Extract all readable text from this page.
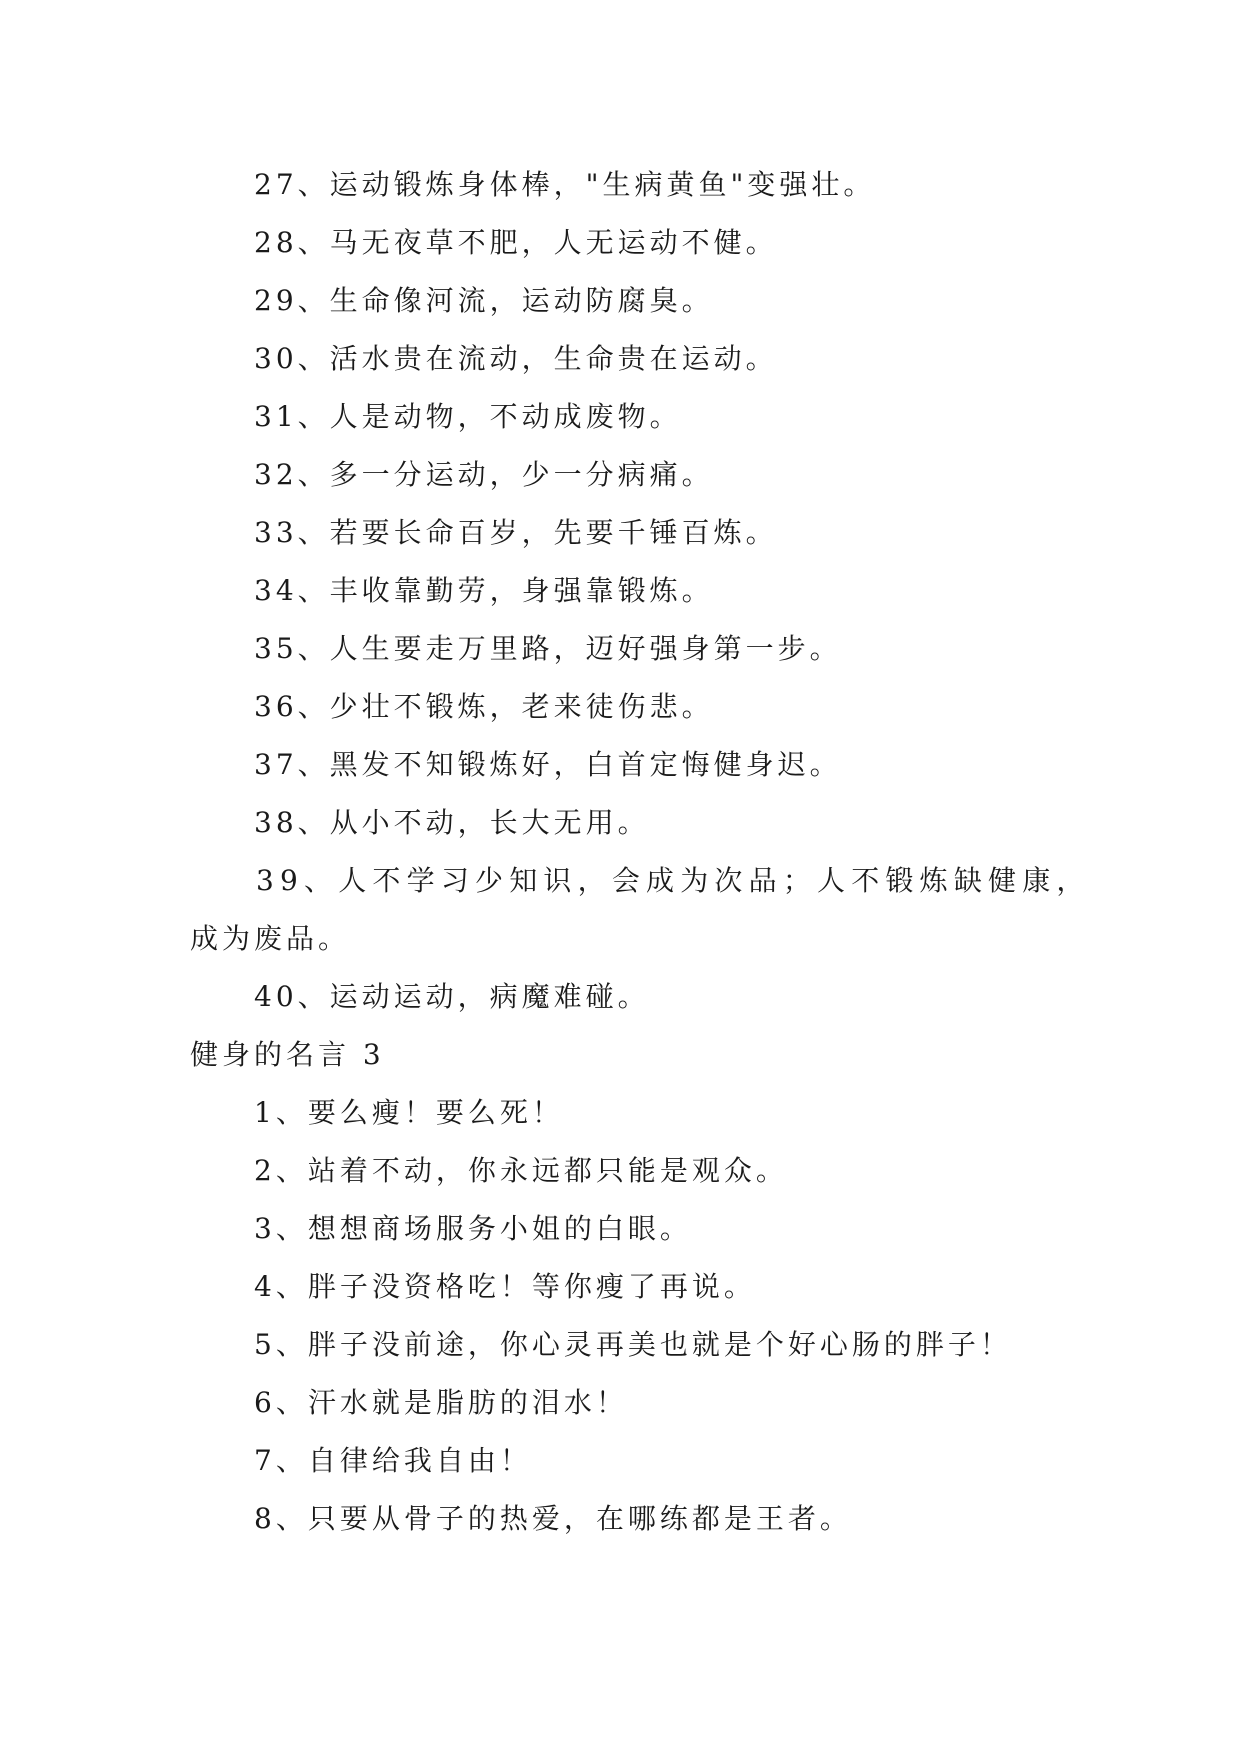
27、运动锻炼身体棒，"生病黄鱼"变强壮。
28、马无夜草不肥，人无运动不健。
29、生命像河流，运动防腐臭。
30、活水贵在流动，生命贵在运动。
31、人是动物，不动成废物。
32、多一分运动，少一分病痛。
33、若要长命百岁，先要千锤百炼。
34、丰收靠勤劳，身强靠锻炼。
35、人生要走万里路，迈好强身第一步。
36、少壮不锻炼，老来徒伤悲。
37、黑发不知锻炼好，白首定悔健身迟。
38、从小不动，长大无用。
39、人不学习少知识，会成为次品；人不锻炼缺健康，
成为废品。
40、运动运动，病魔难碰。
健身的名言 3
1、要么瘦！要么死！
2、站着不动，你永远都只能是观众。
3、想想商场服务小姐的白眼。
4、胖子没资格吃！等你瘦了再说。
5、胖子没前途，你心灵再美也就是个好心肠的胖子！
6、汗水就是脂肪的泪水！
7、自律给我自由！
8、只要从骨子的热爱，在哪练都是王者。
